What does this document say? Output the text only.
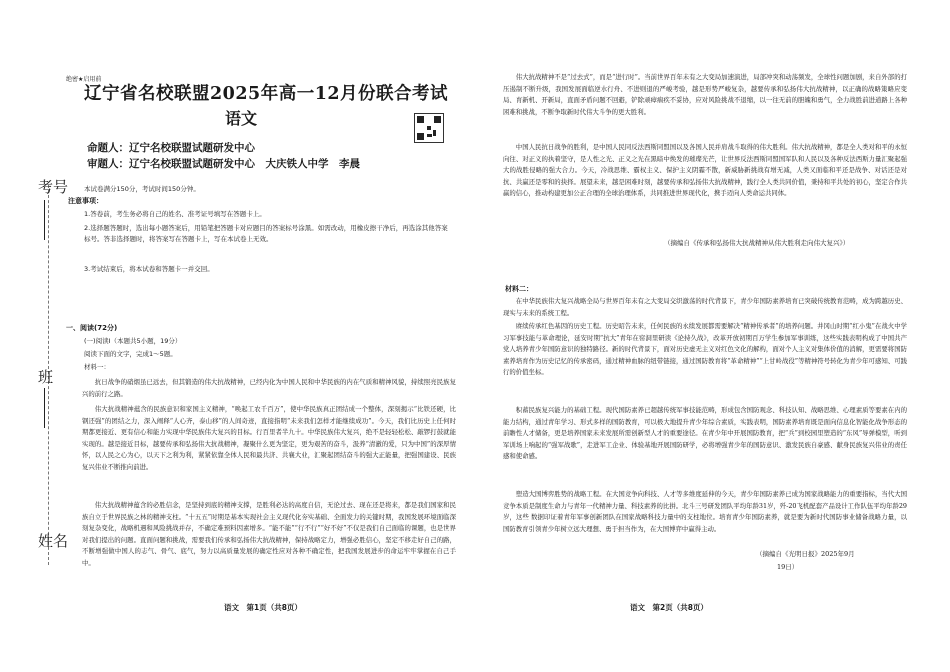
考号
班
姓名
绝密★启用前
辽宁省名校联盟2025年高一12月份联合考试
语文
命题人：辽宁名校联盟试题研发中心
审题人：辽宁名校联盟试题研发中心　大庆铁人中学　李晨
本试卷满分150分，考试时间150分钟。
注意事项：
1.答卷前，考生务必将自己的姓名、准考证号填写在答题卡上。
2.选择题答题时，选出每小题答案后，用铅笔把答题卡对应题目的答案标号涂黑。如需改动，用橡皮擦干净后，再选涂其他答案标号。答非选择题时，将答案写在答题卡上，写在本试卷上无效。
3.考试结束后，将本试卷和答题卡一并交回。
一、阅读(72分)
(一)阅读Ⅰ（本题共5小题，19分）
阅读下面的文字，完成1～5题。
材料一：
抗日战争的硝烟虽已远去，但其锻造的伟大抗战精神，已经内化为中国人民和中华民族的内在气质和精神风貌，持续照亮民族复兴的前行之路。
伟大抗战精神蕴含的民族意识和家国主义精神，“唤起工农千百万”，使中华民族真正团结成一个整体，深刻揭示“比铁还硬，比钢还强”的团结之力，深入阐释“人心齐，泰山移”的人间奇迹，直接指明“未来我们怎样才能继续成功”。今天，我们比历史上任何时期都更接近、更有信心和能力实现中华民族伟大复兴的目标。行百里者半九十。中华民族伟大复兴，绝不是轻轻松松、敲锣打鼓就能实现的。越是接近目标，越要传承和弘扬伟大抗战精神，凝聚什么更为坚定，更为艰苦的奋斗，汲养“清澈的爱，只为中国”的深厚情怀，以人民之心为心，以天下之利为利，紧紧依靠全体人民和最共济、共襄大业，汇聚起团结奋斗的强大正能量，把强国建设、民族复兴伟业不断推向前进。
伟大抗战精神蕴含的必胜信念，是坚持到底的精神支撑，是胜利必达的高度自信，无论过去、现在还是将来，都是我们国家和民族自立于世界民族之林的精神支柱。“十五五”时期是基本实现社会主义现代化夯实基础、全面发力的关键时期，我国发展环境面临深刻复杂变化，战略机遇和风险挑战并存，不确定难预料因素增多。“能不能”“行不行”“好不好”不仅是我们自己面临的课题，也是世界对我们提出的问题。直面问题和挑战，需要我们传承和弘扬伟大抗战精神，保持战略定力，增强必胜信心，坚定不移走好自己的路，不断增强做中国人的志气、骨气、底气，努力以高质量发展的确定性应对各种不确定性，把我国发展进步的命运牢牢掌握在自己手中。
伟大抗战精神不是“过去式”，而是“进行时”。当前世界百年未有之大变局加速演进，局部冲突和动荡频发，全球性问题加剧，来自外部的打压遏制不断升级，我国发展面临逆水行舟、不进则退的严峻考验，越是形势严峻复杂，越要传承和弘扬伟大抗战精神，以正确的战略策略应变局、育新机、开新局，直面矛盾问题不回避，铲除顽瘴痼疾不妥协，应对风险挑战不退缩，以一往无前的胆魄和勇气，全力战胜前进道路上各种困难和挑战，不断争取新时代伟大斗争的更大胜利。
中国人民抗日战争的胜利，是中国人民同反法西斯同盟国以及各国人民并肩战斗取得的伟大胜利。伟大抗战精神，都是全人类对和平的永恒向往、对正义的执着坚守，是人性之光、正义之光在黑暗中焕发的璀璨光芒，让世界反法西斯同盟国军队和人民以及各种反法西斯力量汇聚起强大的战胜侵略的强大合力。今天，冷战思维、霸权主义、保护主义阴霾不散，新威胁新挑战有增无减，人类又面临和平还是战争、对话还是对抗、共赢还是零和的抉择。展望未来，越是困难时刻，越要传承和弘扬伟大抗战精神，践行全人类共同价值，秉持和平共处的初心，坚定合作共赢的信心，推动构建更加公正合理的全球治理体系，共同推进世界现代化，携手迈向人类命运共同体。
（摘编自《传承和弘扬伟大抗战精神从伟大胜利走向伟大复兴》）
材料二：
在中华民族伟大复兴战略全局与世界百年未有之大变局交织激荡的时代背景下，青少年国防素养培育已突破传统教育范畴，成为跨越历史、现实与未来的系统工程。
赓续传承红色基因的历史工程。历史昭告未来，任何民族的永续发展都需要解决“精神传承者”的培养问题。井冈山时期“红小鬼”在战火中学习军事技能与革命理论，延安时期“抗大”青年在窑洞里研读《论持久战》，改革开放初期百万学生参加军事训练，这些实践表明构成了中国共产党人培养青少年国防意识的独特路径。新的时代背景下，面对历史虚无主义对红色文化的解构，面对个人主义对集体价值的消解，更需要将国防素养培育作为历史记忆的传承密码，通过精神血脉的纽带链接，通过国防教育将“革命精神”“上甘岭战役”等精神符号转化为青少年可感知、可践行的价值坐标。
积蓄民族复兴能力的基础工程。现代国防素养已超越传统军事技能范畴，形成包含国防观念、科技认知、战略思维、心理素质等要素在内的能力结构，通过青年学习、形式多样的国防教育，可以极大地提升青少年综合素质，实践表明，国防素养培育既是面向信息化智能化战争形态的前瞻性人才储备，更是培养国家未来发展所需创新型人才的重要途径。在青少年中开展国防教育，把“兵”到校园里塑造的“东风”导弹模型，听到军训场上响起的“强军战歌”，走进军工企业、体验基地开展国防研学，必将增强青少年的国防意识、激发民族自豪感、献身民族复兴伟业的责任感和使命感。
塑造大国博弈胜势的战略工程。在大国竞争向科技、人才等多维度延伸的今天，青少年国防素养已成为国家战略能力的重要指标，当代大国竞争本质是制度生命力与青年一代精神力量、科技素养的比拼。北斗三号研发团队平均年龄31岁，歼-20飞机配套产品设计工作队伍平均年龄29岁，这些 数据印证着青年军事创新团队在国家战略科技力量中的支柱地位。培育青少年国防素养，就是要为新时代国防事业储备战略力量，以国防教育引领青少年树立远大理想、勇于担当作为，在大国博弈中赢得主动。
（摘编自《光明日报》2025年9月
19日）
语文　第1页（共8页）	语文　第2页（共8页）
